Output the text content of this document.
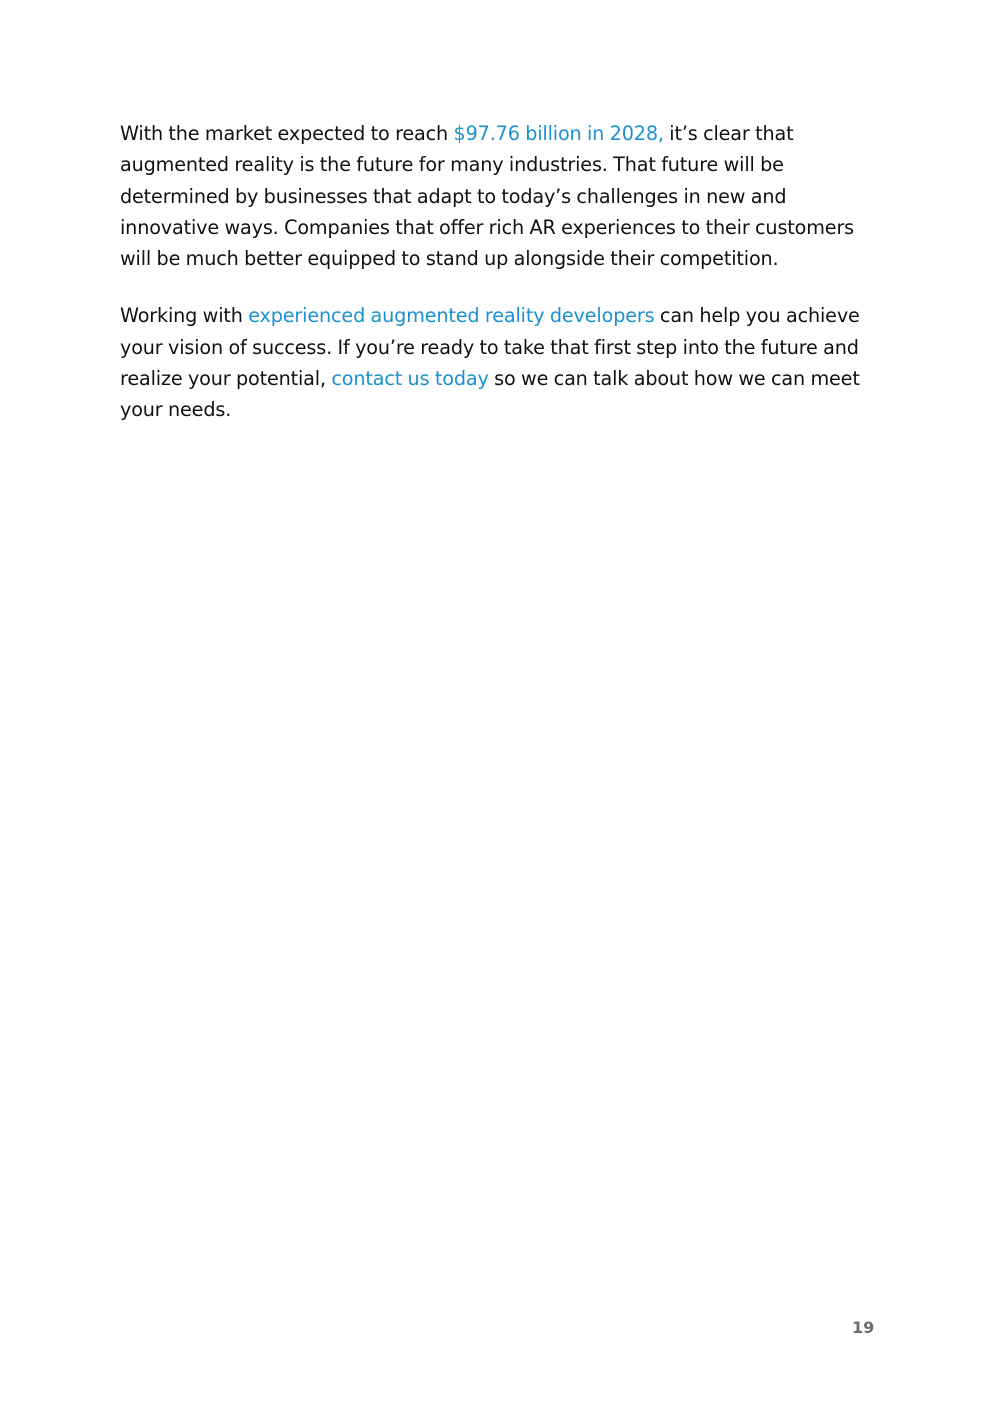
With the market expected to reach $97.76 billion in 2028, it’s clear that augmented reality is the future for many industries. That future will be determined by businesses that adapt to today’s challenges in new and innovative ways. Companies that offer rich AR experiences to their customers will be much better equipped to stand up alongside their competition.

Working with experienced augmented reality developers can help you achieve your vision of success. If you’re ready to take that first step into the future and realize your potential, contact us today so we can talk about how we can meet your needs.

19
